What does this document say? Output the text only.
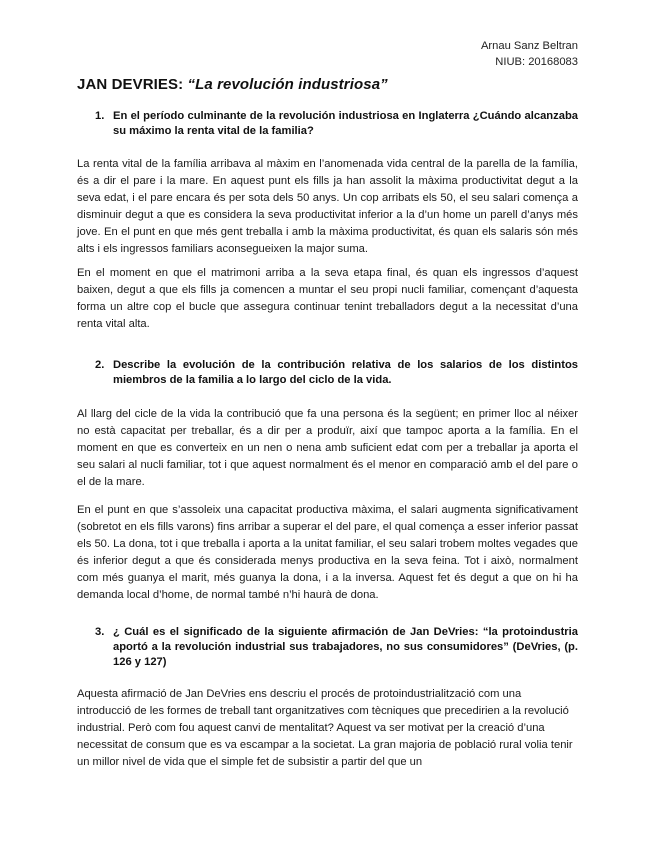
Arnau Sanz Beltran
NIUB: 20168083
JAN DEVRIES: “La revolución industriosa”
1. En el período culminante de la revolución industriosa en Inglaterra ¿Cuándo alcanzaba su máximo la renta vital de la familia?
La renta vital de la família arribava al màxim en l’anomenada vida central de la parella de la família, és a dir el pare i la mare. En aquest punt els fills ja han assolit la màxima productivitat degut a la seva edat, i el pare encara és per sota dels 50 anys. Un cop arribats els 50, el seu salari comença a disminuir degut a que es considera la seva productivitat inferior a la d’un home un parell d’anys més jove. En el punt en que més gent treballa i amb la màxima productivitat, és quan els salaris són més alts i els ingressos familiars aconsegueixen la major suma.
En el moment en que el matrimoni arriba a la seva etapa final, és quan els ingressos d’aquest baixen, degut a que els fills ja comencen a muntar el seu propi nucli familiar, començant d’aquesta forma un altre cop el bucle que assegura continuar tenint treballadors degut a la necessitat d’una renta vital alta.
2. Describe la evolución de la contribución relativa de los salarios de los distintos miembros de la familia a lo largo del ciclo de la vida.
Al llarg del cicle de la vida la contribució que fa una persona és la següent; en primer lloc al néixer no està capacitat per treballar, és a dir per a produïr, així que tampoc aporta a la família. En el moment en que es converteix en un nen o nena amb suficient edat com per a treballar ja aporta el seu salari al nucli familiar, tot i que aquest normalment és el menor en comparació amb el del pare o el de la mare.
En el punt en que s’assoleix una capacitat productiva màxima, el salari augmenta significativament (sobretot en els fills varons) fins arribar a superar el del pare, el qual comença a esser inferior passat els 50. La dona, tot i que treballa i aporta a la unitat familiar, el seu salari trobem moltes vegades que és inferior degut a que és considerada menys productiva en la seva feina. Tot i això, normalment com més guanya el marit, més guanya la dona, i a la inversa. Aquest fet és degut a que on hi ha demanda local d’home, de normal també n’hi haurà de dona.
3. ¿ Cuál es el significado de la siguiente afirmación de Jan DeVries: “la protoindustria aportó a la revolución industrial sus trabajadores, no sus consumidores” (DeVries, (p. 126 y 127)
Aquesta afirmació de Jan DeVries ens descriu el procés de protoindustrialització com una introducció de les formes de treball tant organitzatives com tècniques que precedirien a la revolució industrial. Però com fou aquest canvi de mentalitat? Aquest va ser motivat per la creació d’una necessitat de consum que es va escampar a la societat. La gran majoria de població rural volia tenir un millor nivel de vida que el simple fet de subsistir a partir del que un
